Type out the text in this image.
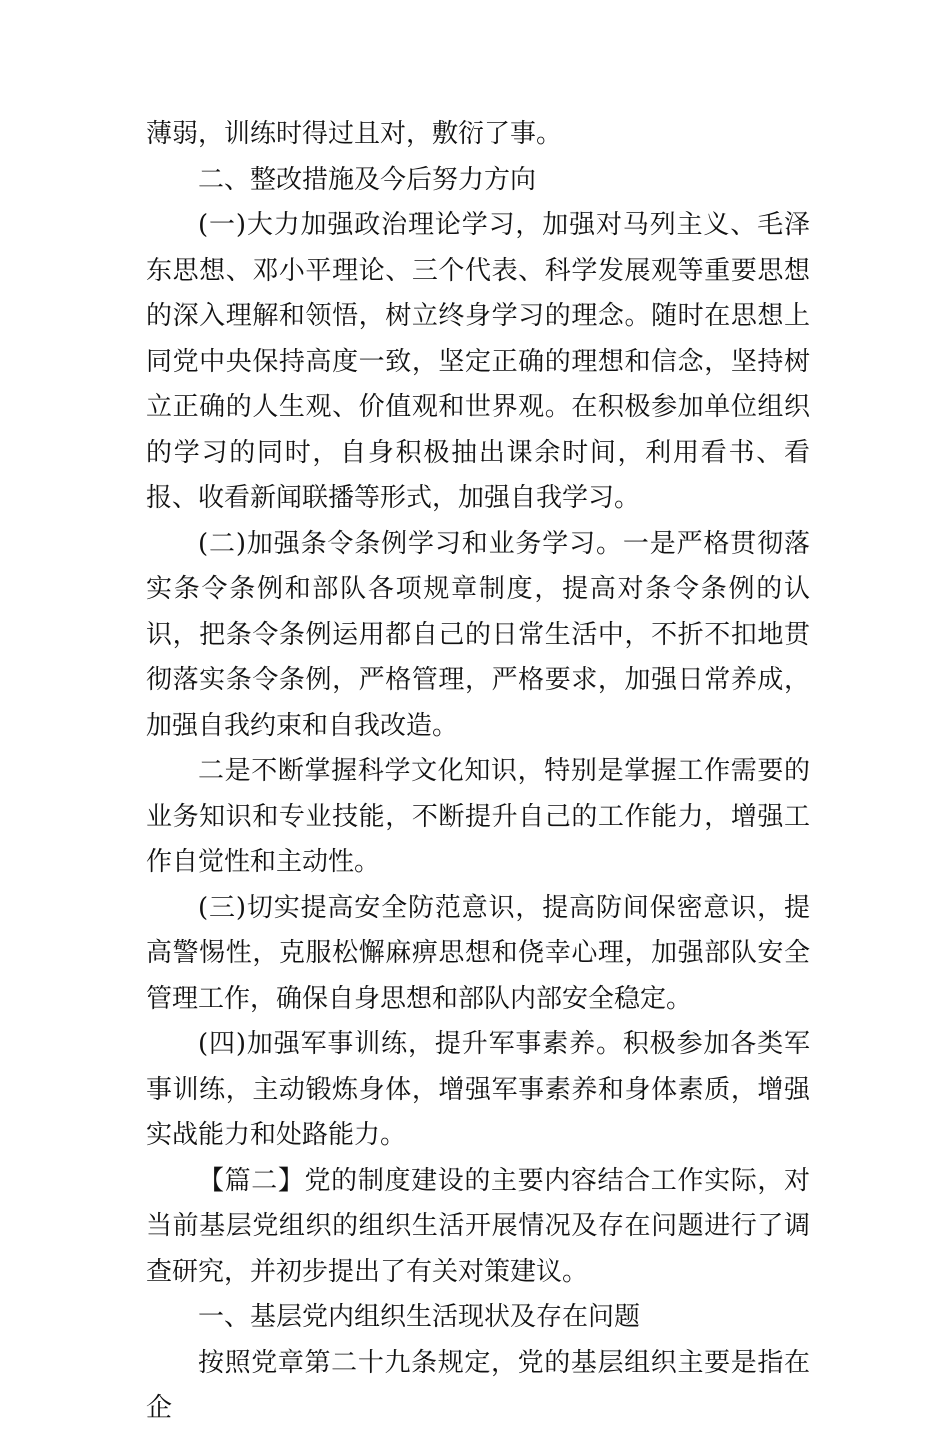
薄弱，训练时得过且对，敷衍了事。

二、整改措施及今后努力方向

(一)大力加强政治理论学习，加强对马列主义、毛泽东思想、邓小平理论、三个代表、科学发展观等重要思想的深入理解和领悟，树立终身学习的理念。随时在思想上同党中央保持高度一致，坚定正确的理想和信念，坚持树立正确的人生观、价值观和世界观。在积极参加单位组织的学习的同时，自身积极抽出课余时间，利用看书、看报、收看新闻联播等形式，加强自我学习。

(二)加强条令条例学习和业务学习。一是严格贯彻落实条令条例和部队各项规章制度，提高对条令条例的认识，把条令条例运用都自己的日常生活中，不折不扣地贯彻落实条令条例，严格管理，严格要求，加强日常养成，加强自我约束和自我改造。

二是不断掌握科学文化知识，特别是掌握工作需要的业务知识和专业技能，不断提升自己的工作能力，增强工作自觉性和主动性。

(三)切实提高安全防范意识，提高防间保密意识，提高警惕性，克服松懈麻痹思想和侥幸心理，加强部队安全管理工作，确保自身思想和部队内部安全稳定。

(四)加强军事训练，提升军事素养。积极参加各类军事训练，主动锻炼身体，增强军事素养和身体素质，增强实战能力和处路能力。

【篇二】党的制度建设的主要内容结合工作实际，对当前基层党组织的组织生活开展情况及存在问题进行了调查研究，并初步提出了有关对策建议。

一、基层党内组织生活现状及存在问题

按照党章第二十九条规定，党的基层组织主要是指在企
